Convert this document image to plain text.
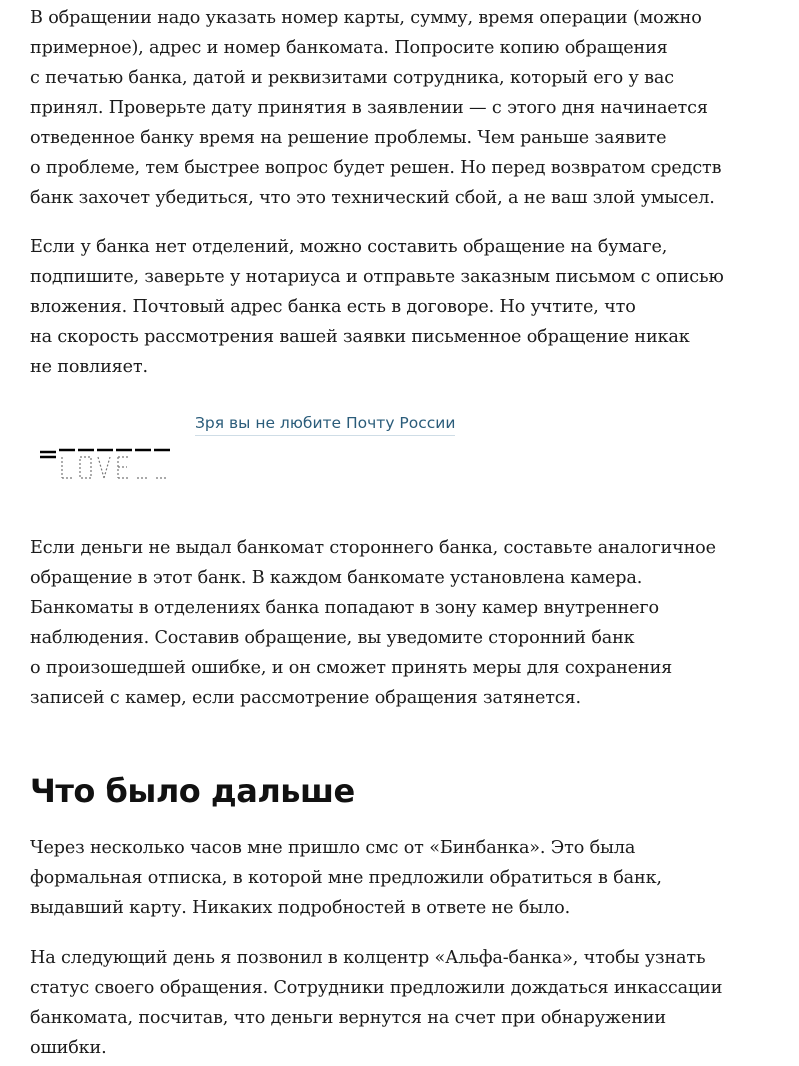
В обращении надо указать номер карты, сумму, время операции (можно
примерное), адрес и номер банкомата. Попросите копию обращения
с печатью банка, датой и реквизитами сотрудника, который его у вас
принял. Проверьте дату принятия в заявлении — с этого дня начинается
отведенное банку время на решение проблемы. Чем раньше заявите
о проблеме, тем быстрее вопрос будет решен. Но перед возвратом средств
банк захочет убедиться, что это технический сбой, а не ваш злой умысел.

Если у банка нет отделений, можно составить обращение на бумаге,
подпишите, заверьте у нотариуса и отправьте заказным письмом с описью
вложения. Почтовый адрес банка есть в договоре. Но учтите, что
на скорость рассмотрения вашей заявки письменное обращение никак
не повлияет.

Зря вы не любите Почту России

Если деньги не выдал банкомат стороннего банка, составьте аналогичное
обращение в этот банк. В каждом банкомате установлена камера.
Банкоматы в отделениях банка попадают в зону камер внутреннего
наблюдения. Составив обращение, вы уведомите сторонний банк
о произошедшей ошибке, и он сможет принять меры для сохранения
записей с камер, если рассмотрение обращения затянется.

Что было дальше

Через несколько часов мне пришло смс от «Бинбанка». Это была
формальная отписка, в которой мне предложили обратиться в банк,
выдавший карту. Никаких подробностей в ответе не было.

На следующий день я позвонил в колцентр «Альфа-банка», чтобы узнать
статус своего обращения. Сотрудники предложили дождаться инкассации
банкомата, посчитав, что деньги вернутся на счет при обнаружении
ошибки.
